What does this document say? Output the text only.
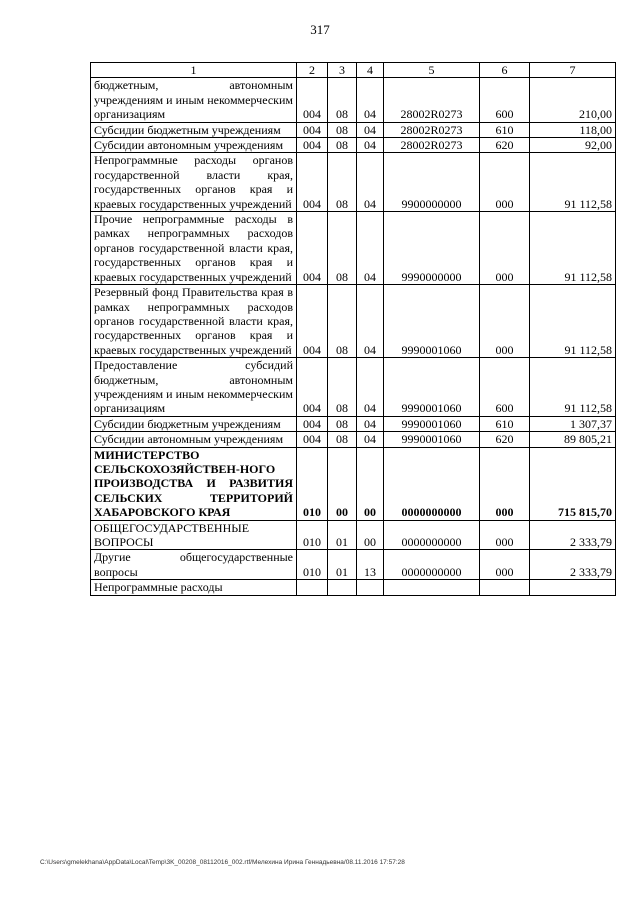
317
1	2	3	4	5	6	7
бюджетным, автономным учреждениям и иным некоммерческим организациям	004	08	04	28002R0273	600	210,00
Субсидии бюджетным учреждениям	004	08	04	28002R0273	610	118,00
Субсидии автономным учреждениям	004	08	04	28002R0273	620	92,00
Непрограммные расходы органов государственной власти края, государственных органов края и краевых государственных учреждений	004	08	04	9900000000	000	91 112,58
Прочие непрограммные расходы в рамках непрограммных расходов органов государственной власти края, государственных органов края и краевых государственных учреждений	004	08	04	9990000000	000	91 112,58
Резервный фонд Правительства края в рамках непрограммных расходов органов государственной власти края, государственных органов края и краевых государственных учреждений	004	08	04	9990001060	000	91 112,58
Предоставление субсидий бюджетным, автономным учреждениям и иным некоммерческим организациям	004	08	04	9990001060	600	91 112,58
Субсидии бюджетным учреждениям	004	08	04	9990001060	610	1 307,37
Субсидии автономным учреждениям	004	08	04	9990001060	620	89 805,21
МИНИСТЕРСТВО СЕЛЬСКОХОЗЯЙСТВЕН-НОГО ПРОИЗВОДСТВА И РАЗВИТИЯ СЕЛЬСКИХ ТЕРРИТОРИЙ ХАБАРОВСКОГО КРАЯ	010	00	00	0000000000	000	715 815,70
ОБЩЕГОСУДАРСТВЕННЫЕ ВОПРОСЫ	010	01	00	0000000000	000	2 333,79
Другие общегосударственные вопросы	010	01	13	0000000000	000	2 333,79
Непрограммные расходы						
C:\Users\gmelekhana\AppData\Local\Temp\3K_00208_08112016_002.rtf/Мелехина Ирина Геннадьевна/08.11.2016 17:57:28
